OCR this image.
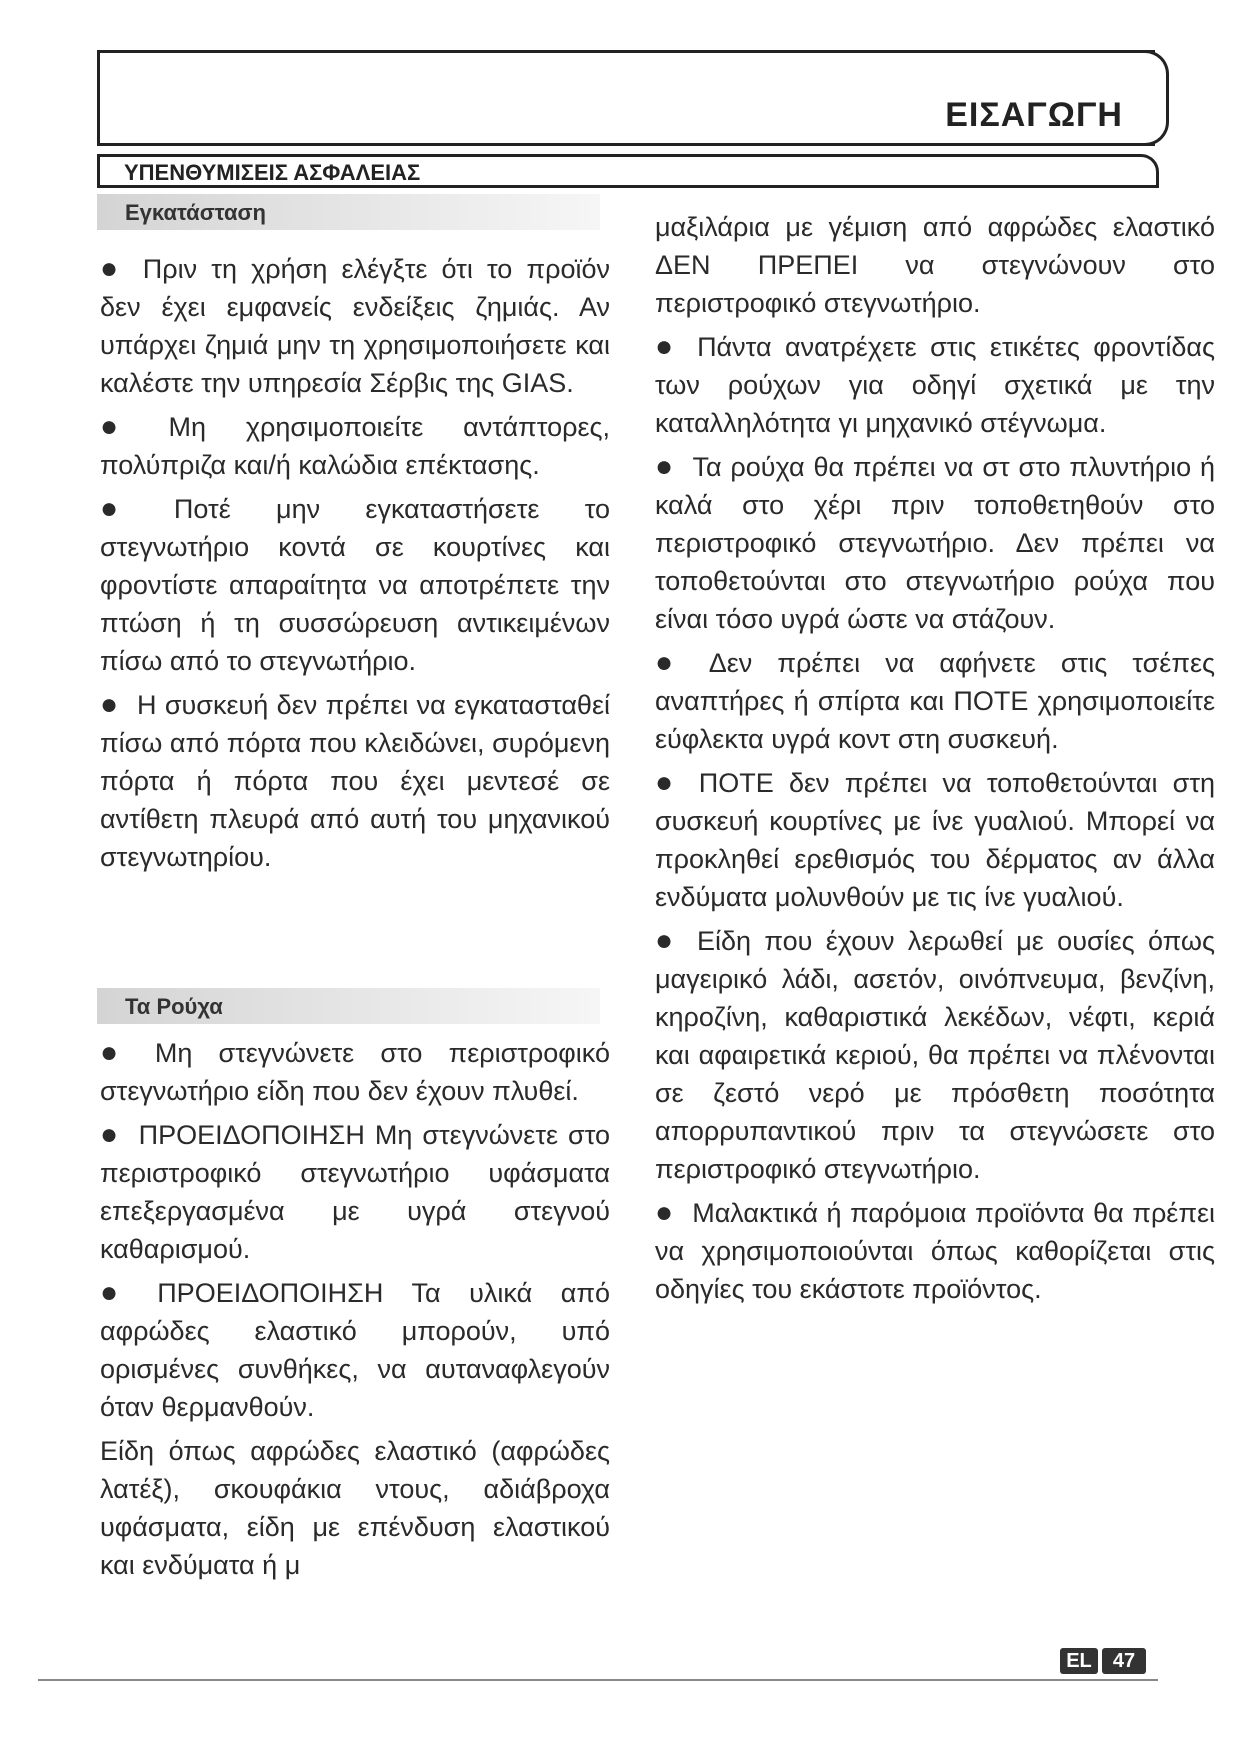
ΕΙΣΑΓΩΓΗ
ΥΠΕΝΘΥΜΙΣΕΙΣ ΑΣΦΑΛΕΙΑΣ
Εγκατάσταση

● Πριν τη χρήση ελέγξτε ότι το προϊόν δεν έχει εμφανείς ενδείξεις ζημιάς. Αν υπάρχει ζημιά μην τη χρησιμοποιήσετε και καλέστε την υπηρεσία Σέρβις της GIAS.

● Μη χρησιμοποιείτε αντάπτορες, πολύπριζα και/ή καλώδια επέκτασης.

● Ποτέ μην εγκαταστήσετε το στεγνωτήριο κοντά σε κουρτίνες και φροντίστε απαραίτητα να αποτρέπετε την πτώση ή τη συσσώρευση αντικειμένων πίσω από το στεγνωτήριο.

● Η συσκευή δεν πρέπει να εγκατασταθεί πίσω από πόρτα που κλειδώνει, συρόμενη πόρτα ή πόρτα που έχει μεντεσέ σε αντίθετη πλευρά από αυτή του μηχανικού στεγνωτηρίου.

Τα Ρούχα

● Μη στεγνώνετε στο περιστροφικό στεγνωτήριο είδη που δεν έχουν πλυθεί.

● ΠΡΟΕΙΔΟΠΟΙΗΣΗ Μη στεγνώνετε στο περιστροφικό στεγνωτήριο υφάσματα επεξεργασμένα με υγρά στεγνού καθαρισμού.

● ΠΡΟΕΙΔΟΠΟΙΗΣΗ Τα υλικά από αφρώδες ελαστικό μπορούν, υπό ορισμένες συνθήκες, να αυταναφλεγούν όταν θερμανθούν.

Είδη όπως αφρώδες ελαστικό (αφρώδες λατέξ), σκουφάκια ντους, αδιάβροχα υφάσματα, είδη με επένδυση ελαστικού και ενδύματα ή μ

μαξιλάρια με γέμιση από αφρώδες ελαστικό ΔΕΝ ΠΡΕΠΕΙ να στεγνώνουν στο περιστροφικό στεγνωτήριο.

● Πάντα ανατρέχετε στις ετικέτες φροντίδας των ρούχων για οδηγί σχετικά με την καταλληλότητα γι μηχανικό στέγνωμα.

● Τα ρούχα θα πρέπει να στ στο πλυντήριο ή καλά στο χέρι πριν τοποθετηθούν στο περιστροφικό στεγνωτήριο. Δεν πρέπει να τοποθετούνται στο στεγνωτήριο ρούχα που είναι τόσο υγρά ώστε να στάζουν.

● Δεν πρέπει να αφήνετε στις τσέπες αναπτήρες ή σπίρτα και ΠΟΤΕ χρησιμοποιείτε εύφλεκτα υγρά κοντ στη συσκευή.

● ΠΟΤΕ δεν πρέπει να τοποθετούνται στη συσκευή κουρτίνες με ίνε γυαλιού. Μπορεί να προκληθεί ερεθισμός του δέρματος αν άλλα ενδύματα μολυνθούν με τις ίνε γυαλιού.

● Είδη που έχουν λερωθεί με ουσίες όπως μαγειρικό λάδι, ασετόν, οινόπνευμα, βενζίνη, κηροζίνη, καθαριστικά λεκέδων, νέφτι, κεριά και αφαιρετικά κεριού, θα πρέπει να πλένονται σε ζεστό νερό με πρόσθετη ποσότητα απορρυπαντικού πριν τα στεγνώσετε στο περιστροφικό στεγνωτήριο.

● Μαλακτικά ή παρόμοια προϊόντα θα πρέπει να χρησιμοποιούνται όπως καθορίζεται στις οδηγίες του εκάστοτε προϊόντος.

EL	47
